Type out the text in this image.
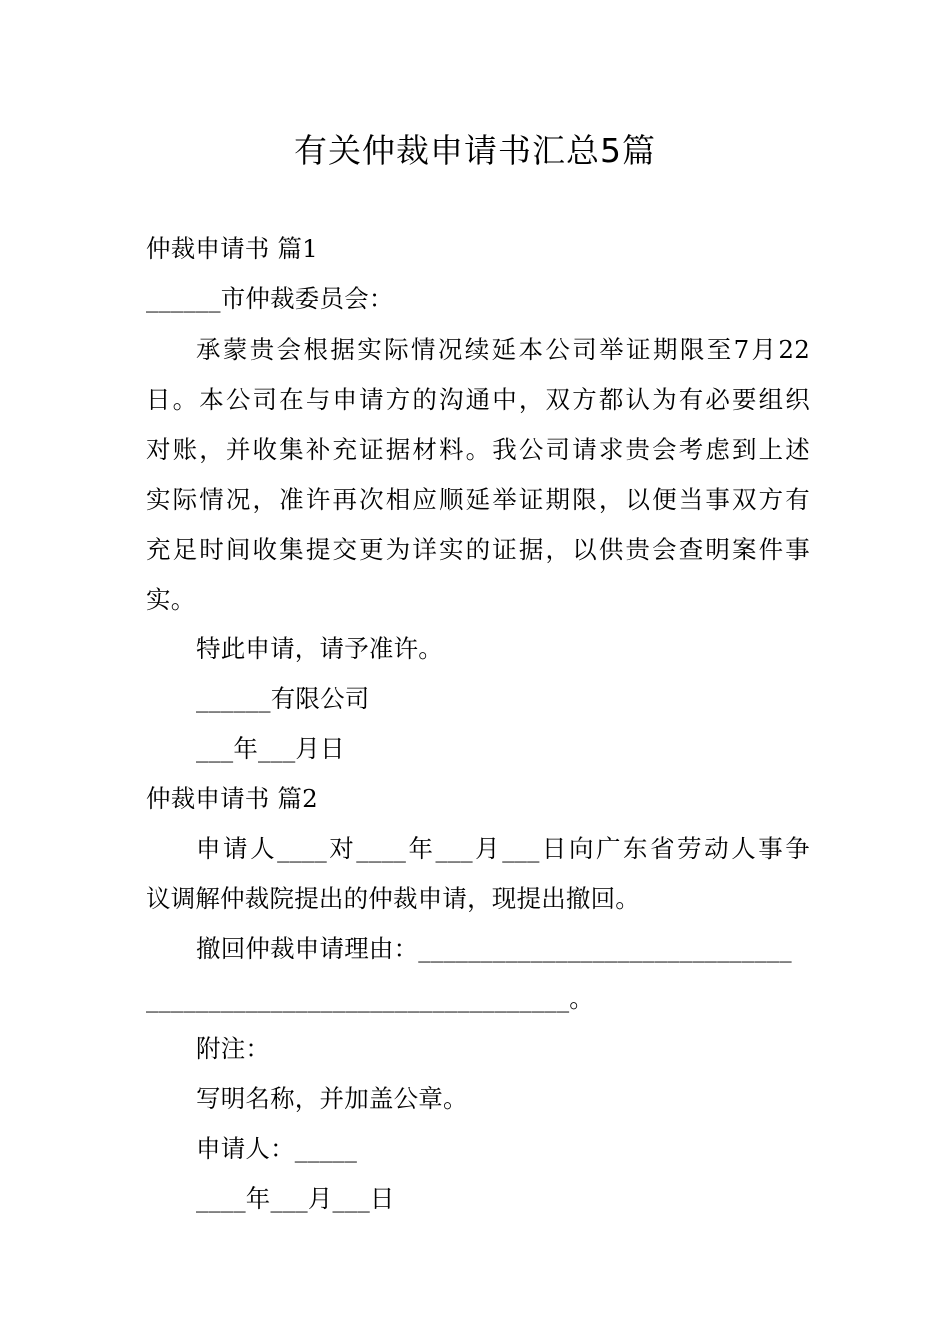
有关仲裁申请书汇总5篇
仲裁申请书 篇1
______市仲裁委员会：
承蒙贵会根据实际情况续延本公司举证期限至7月22
日。本公司在与申请方的沟通中，双方都认为有必要组织
对账，并收集补充证据材料。我公司请求贵会考虑到上述
实际情况，准许再次相应顺延举证期限，以便当事双方有
充足时间收集提交更为详实的证据，以供贵会查明案件事
实。
特此申请，请予准许。
______有限公司
___年___月日
仲裁申请书 篇2
申请人____对____年___月___日向广东省劳动人事争
议调解仲裁院提出的仲裁申请，现提出撤回。
撤回仲裁申请理由：______________________________
__________________________________。
附注：
写明名称，并加盖公章。
申请人：_____
____年___月___日
